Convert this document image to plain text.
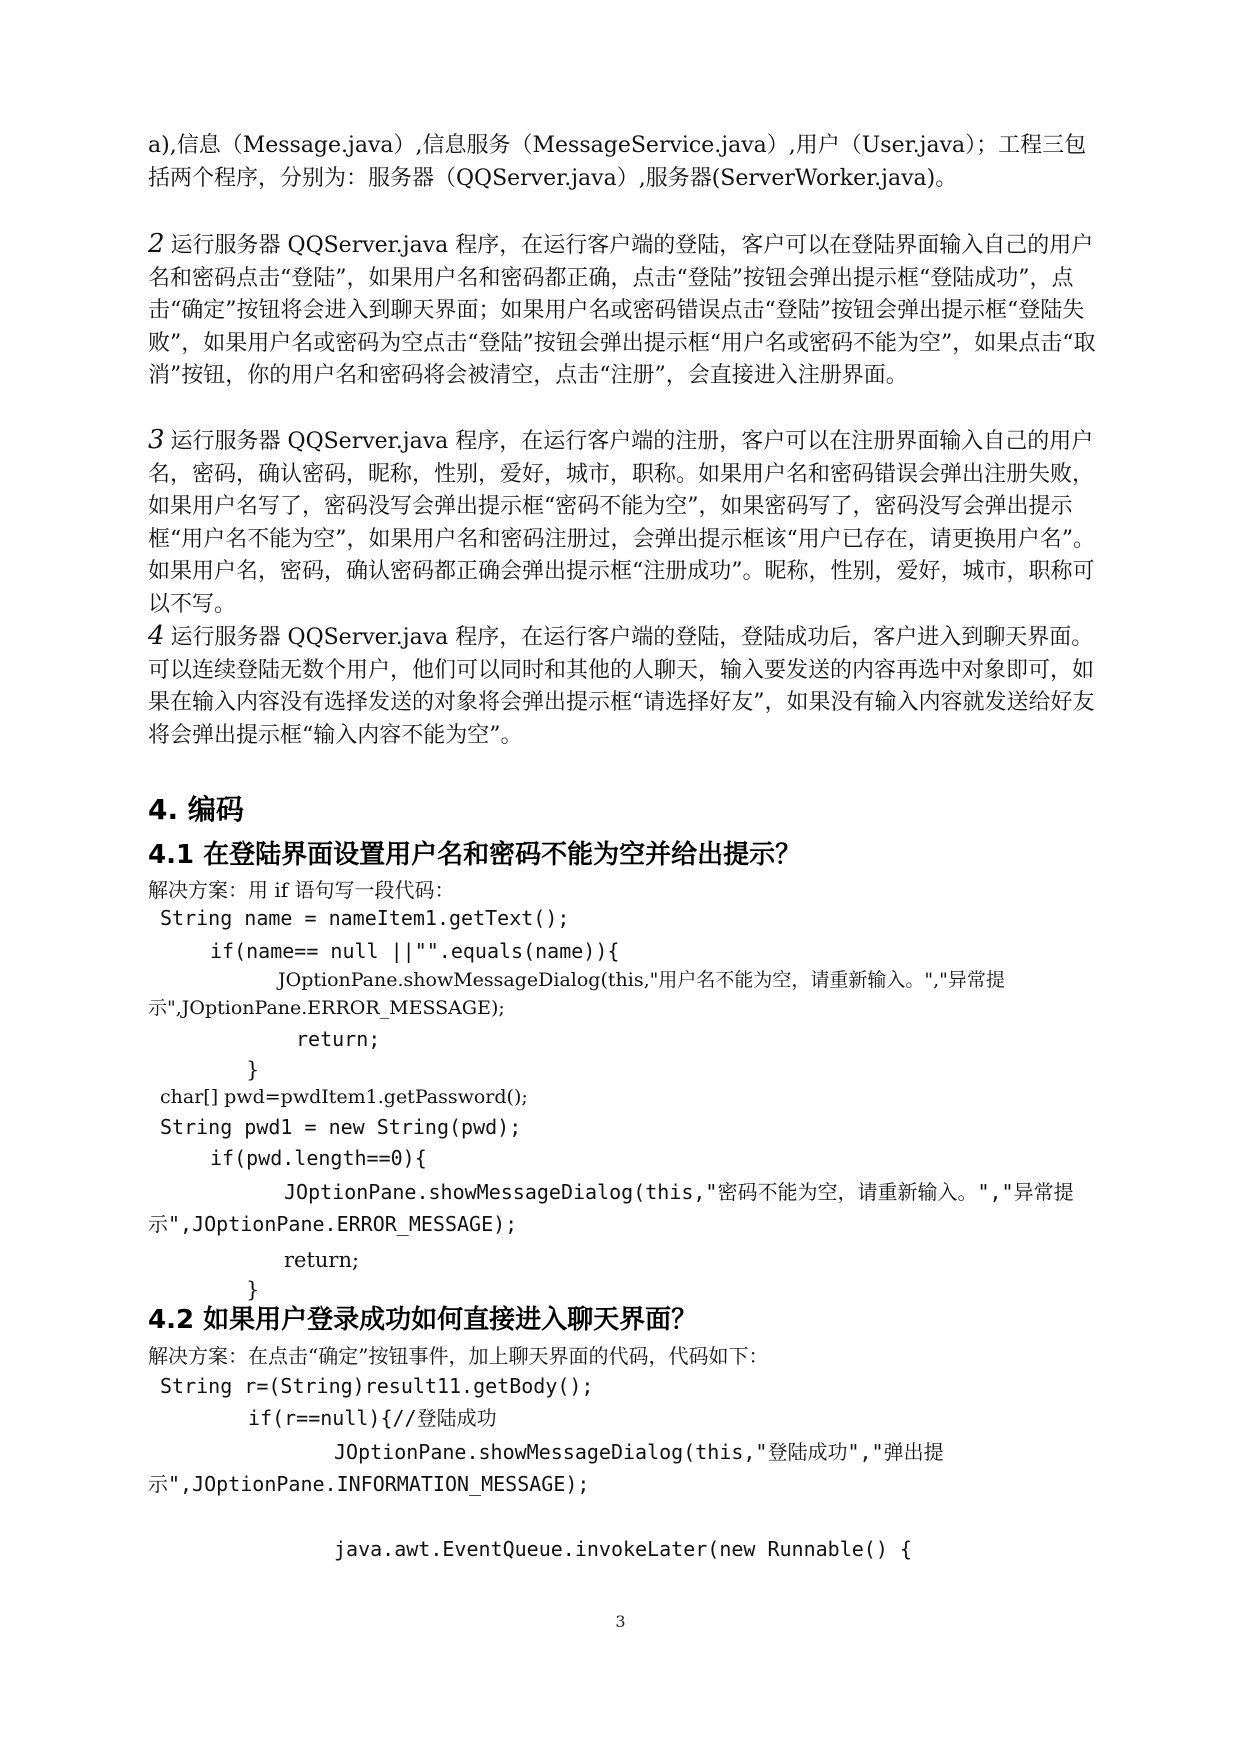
a),信息（Message.java）,信息服务（MessageService.java）,用户（User.java）；工程三包括两个程序，分别为：服务器（QQServer.java）,服务器(ServerWorker.java)。

2 运行服务器 QQServer.java 程序，在运行客户端的登陆，客户可以在登陆界面输入自己的用户名和密码点击“登陆”，如果用户名和密码都正确，点击“登陆”按钮会弹出提示框“登陆成功”，点击“确定”按钮将会进入到聊天界面；如果用户名或密码错误点击“登陆”按钮会弹出提示框“登陆失败”，如果用户名或密码为空点击“登陆”按钮会弹出提示框“用户名或密码不能为空”，如果点击“取消”按钮，你的用户名和密码将会被清空，点击“注册”，会直接进入注册界面。

3 运行服务器 QQServer.java 程序，在运行客户端的注册，客户可以在注册界面输入自己的用户名，密码，确认密码，昵称，性别，爱好，城市，职称。如果用户名和密码错误会弹出注册失败，如果用户名写了，密码没写会弹出提示框“密码不能为空”，如果密码写了，密码没写会弹出提示框“用户名不能为空”，如果用户名和密码注册过，会弹出提示框该“用户已存在，请更换用户名”。如果用户名，密码，确认密码都正确会弹出提示框“注册成功”。昵称，性别，爱好，城市，职称可以不写。

4 运行服务器 QQServer.java 程序，在运行客户端的登陆，登陆成功后，客户进入到聊天界面。可以连续登陆无数个用户，他们可以同时和其他的人聊天，输入要发送的内容再选中对象即可，如果在输入内容没有选择发送的对象将会弹出提示框“请选择好友”，如果没有输入内容就发送给好友将会弹出提示框“输入内容不能为空”。

4. 编码
4.1 在登陆界面设置用户名和密码不能为空并给出提示？

解决方案：用 if 语句写一段代码：

String name = nameItem1.getText();
if(name== null ||"".equals(name)){
JOptionPane.showMessageDialog(this,"用户名不能为空，请重新输入。","异常提示",JOptionPane.ERROR_MESSAGE);
return;
}
char[] pwd=pwdItem1.getPassword();
String pwd1 = new String(pwd);
if(pwd.length==0){
JOptionPane.showMessageDialog(this,"密码不能为空，请重新输入。","异常提示",JOptionPane.ERROR_MESSAGE);
return;
}
4.2 如果用户登录成功如何直接进入聊天界面？

解决方案：在点击“确定”按钮事件，加上聊天界面的代码，代码如下：

String r=(String)result11.getBody();
if(r==null){//登陆成功
JOptionPane.showMessageDialog(this,"登陆成功","弹出提示",JOptionPane.INFORMATION_MESSAGE);
java.awt.EventQueue.invokeLater(new Runnable() {
3
